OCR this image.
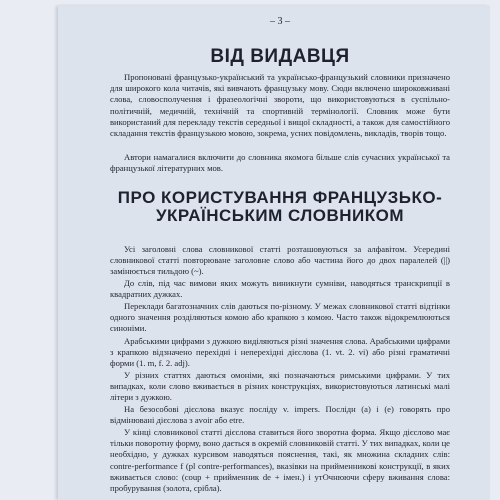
– 3 –
ВІД ВИДАВЦЯ

Пропоновані французько-український та українсько-французький словники призначено для широкого кола читачів, які вивчають французьку мову. Сюди включено широковживані слова, словосполучення і фразеологічні звороти, що використовуються в суспільно-політичній, медичній, технічній та спортивній термінології. Словник може бути використаний для перекладу текстів середньої і вищої складності, а також для самостійного складання текстів французькою мовою, зокрема, усних повідомлень, викладів, творів тощо.

Автори намагалися включити до словника якомога більше слів сучасних української та французької літературних мов.

ПРО КОРИСТУВАННЯ ФРАНЦУЗЬКО-УКРАЇНСЬКИМ СЛОВНИКОМ

Усі заголовні слова словникової статті розташовуються за алфавітом. Усередині словникової статті повторюване заголовне слово або частина його до двох паралелей (||) замінюється тильдою (~).

До слів, під час вимови яких можуть виникнути сумніви, наводяться транскрипції в квадратних дужках.

Переклади багатозначних слів даються по-різному. У межах словникової статті відтінки одного значення розділяються комою або крапкою з комою. Часто також відокремлюються синоніми.

Арабськими цифрами з дужкою виділяються різні значення слова. Арабськими цифрами з крапкою відзначено перехідні і неперехідні дієслова (1. vt. 2. vi) або різні граматичні форми (1. m, f. 2. adj).

У різних статтях даються омоніми, які позначаються римськими цифрами. У тих випадках, коли слово вживається в різних конструкціях, використовуються латинські малі літери з дужкою.

На безособові дієслова вказує посліду v. impers. Послідн (a) і (e) говорять про відмінювані дієслова з avoir або etre.

У кінці словникової статті дієслова ставиться його зворотна форма. Якщо дієслово має тільки поворотну форму, воно дається в окремій словниковій статті. У тих випадках, коли це необхідно, у дужках курсивом наводяться пояснення, такі, як множина складних слів: contre-performance f (pl contre-performances), вказівки на прийменникові конструкції, в яких вживається слово: (coup + прийменник de + імен.) і утОчнюючи сферу вживання слова: пробурування (золота, срібла).
